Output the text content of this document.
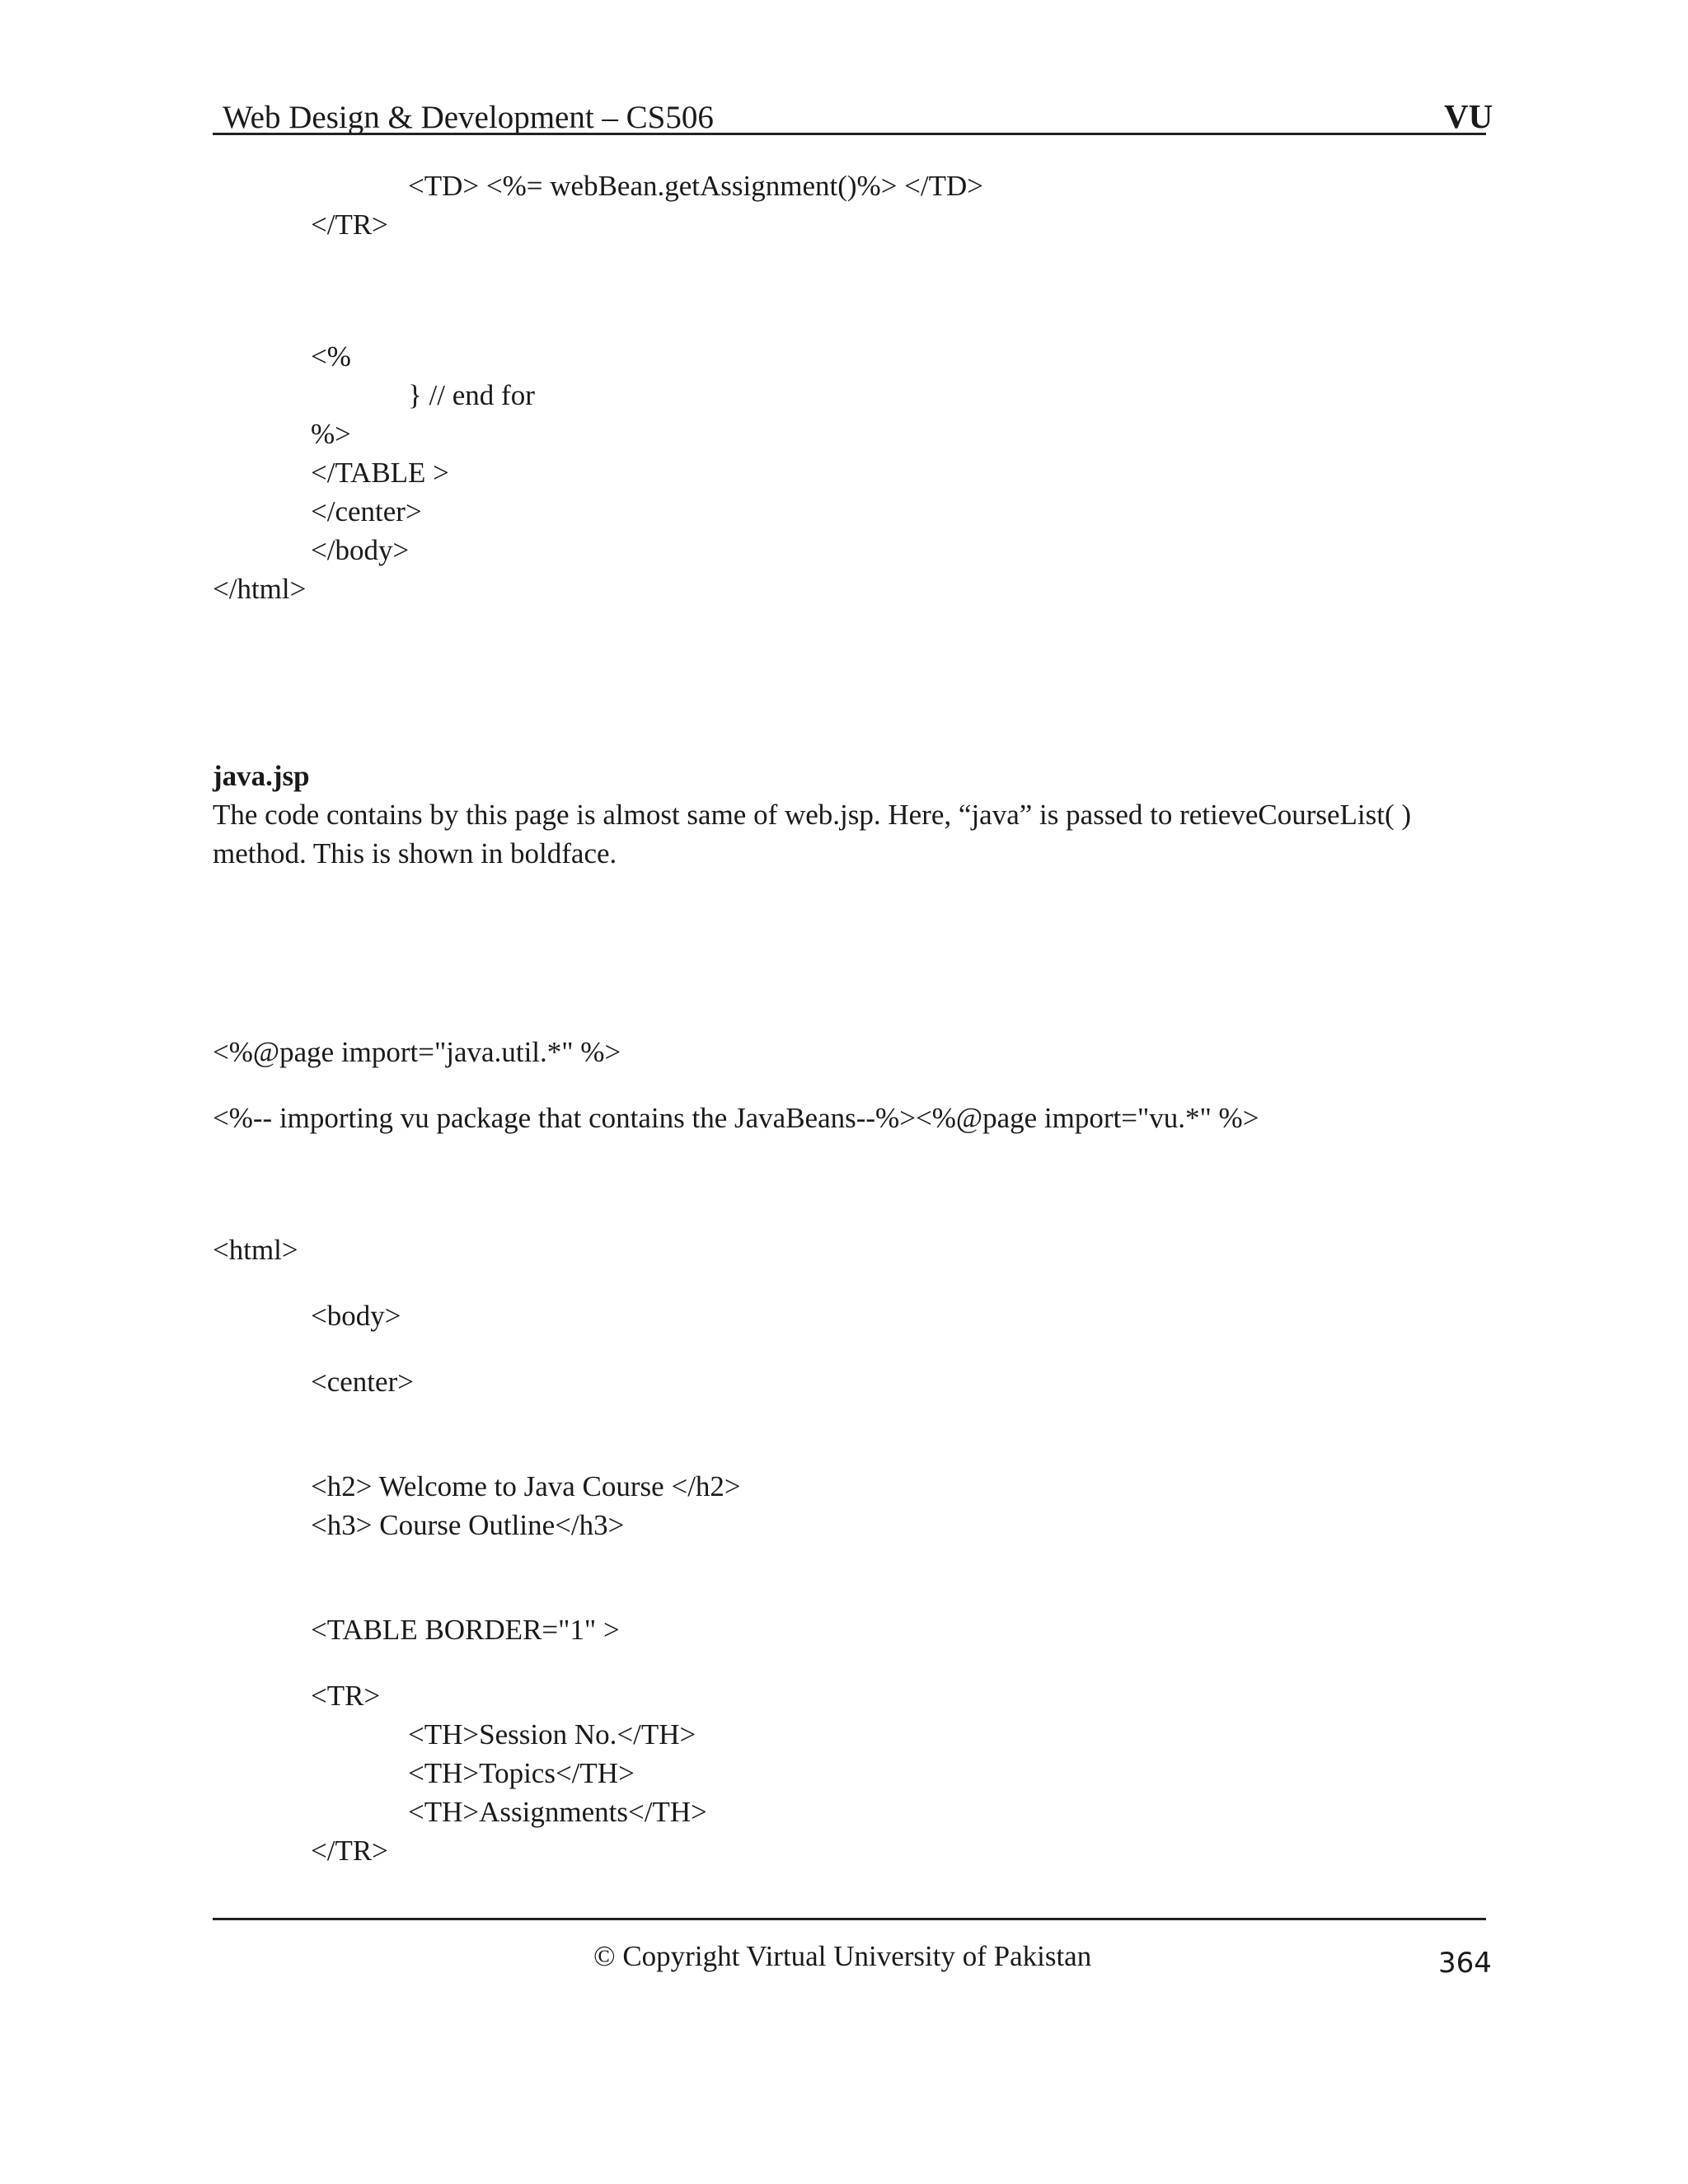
Web Design & Development – CS506	VU
<TD> <%= webBean.getAssignment()%> </TD>
</TR>
<%
} // end for
%>
</TABLE >
</center>
</body>
</html>
java.jsp
The code contains by this page is almost same of web.jsp. Here, “java” is passed to retieveCourseList( )
method. This is shown in boldface.
<%@page import="java.util.*" %>
<%-- importing vu package that contains the JavaBeans--%><%@page import="vu.*" %>
<html>
<body>
<center>
<h2> Welcome to Java Course </h2>
<h3> Course Outline</h3>
<TABLE BORDER="1" >
<TR>
<TH>Session No.</TH>
<TH>Topics</TH>
<TH>Assignments</TH>
</TR>
© Copyright Virtual University of Pakistan	364
